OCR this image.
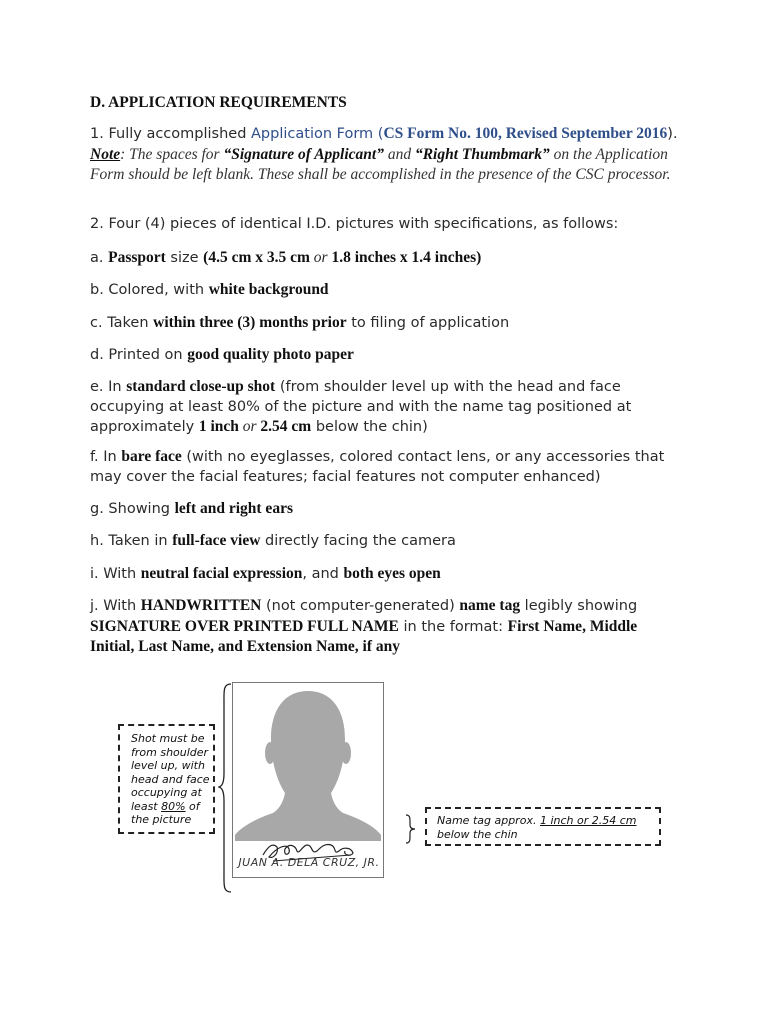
D. APPLICATION REQUIREMENTS
1. Fully accomplished Application Form (CS Form No. 100, Revised September 2016). Note: The spaces for “Signature of Applicant” and “Right Thumbmark” on the Application Form should be left blank. These shall be accomplished in the presence of the CSC processor.
2. Four (4) pieces of identical I.D. pictures with specifications, as follows:
a. Passport size (4.5 cm x 3.5 cm or 1.8 inches x 1.4 inches)
b. Colored, with white background
c. Taken within three (3) months prior to filing of application
d. Printed on good quality photo paper
e. In standard close-up shot (from shoulder level up with the head and face occupying at least 80% of the picture and with the name tag positioned at approximately 1 inch or 2.54 cm below the chin)
f. In bare face (with no eyeglasses, colored contact lens, or any accessories that may cover the facial features; facial features not computer enhanced)
g. Showing left and right ears
h. Taken in full-face view directly facing the camera
i. With neutral facial expression, and both eyes open
j. With HANDWRITTEN (not computer-generated) name tag legibly showing SIGNATURE OVER PRINTED FULL NAME in the format: First Name, Middle Initial, Last Name, and Extension Name, if any
Shot must be
from shoulder
level up, with
head and face
occupying at
least 80% of
the picture
JUAN A. DELA CRUZ, JR.
Name tag approx. 1 inch or 2.54 cm
below the chin
